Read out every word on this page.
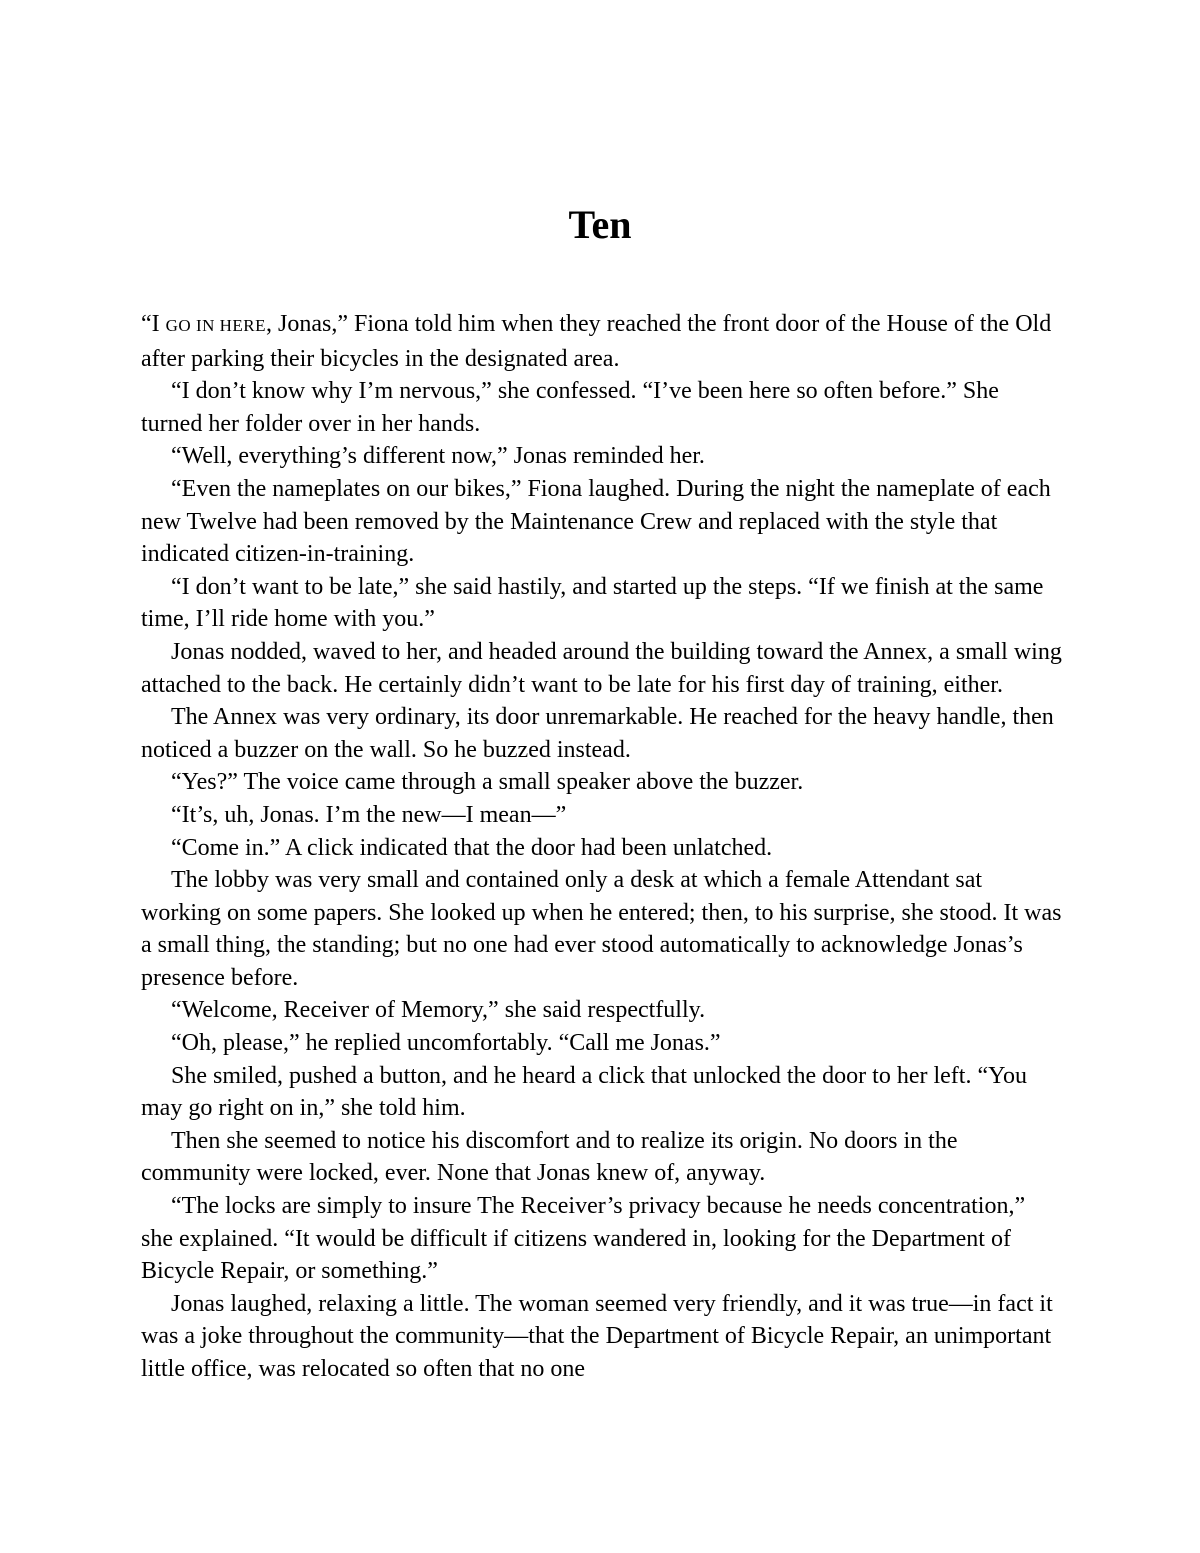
Ten

“I GO IN HERE, Jonas,” Fiona told him when they reached the front door of the House of the Old after parking their bicycles in the designated area.

“I don’t know why I’m nervous,” she confessed. “I’ve been here so often before.” She turned her folder over in her hands.

“Well, everything’s different now,” Jonas reminded her.

“Even the nameplates on our bikes,” Fiona laughed. During the night the nameplate of each new Twelve had been removed by the Maintenance Crew and replaced with the style that indicated citizen-in-training.

“I don’t want to be late,” she said hastily, and started up the steps. “If we finish at the same time, I’ll ride home with you.”

Jonas nodded, waved to her, and headed around the building toward the Annex, a small wing attached to the back. He certainly didn’t want to be late for his first day of training, either.

The Annex was very ordinary, its door unremarkable. He reached for the heavy handle, then noticed a buzzer on the wall. So he buzzed instead.

“Yes?” The voice came through a small speaker above the buzzer.

“It’s, uh, Jonas. I’m the new—I mean—”

“Come in.” A click indicated that the door had been unlatched.

The lobby was very small and contained only a desk at which a female Attendant sat working on some papers. She looked up when he entered; then, to his surprise, she stood. It was a small thing, the standing; but no one had ever stood automatically to acknowledge Jonas’s presence before.

“Welcome, Receiver of Memory,” she said respectfully.

“Oh, please,” he replied uncomfortably. “Call me Jonas.”

She smiled, pushed a button, and he heard a click that unlocked the door to her left. “You may go right on in,” she told him.

Then she seemed to notice his discomfort and to realize its origin. No doors in the community were locked, ever. None that Jonas knew of, anyway.

“The locks are simply to insure The Receiver’s privacy because he needs concentration,” she explained. “It would be difficult if citizens wandered in, looking for the Department of Bicycle Repair, or something.”

Jonas laughed, relaxing a little. The woman seemed very friendly, and it was true—in fact it was a joke throughout the community—that the Department of Bicycle Repair, an unimportant little office, was relocated so often that no one
